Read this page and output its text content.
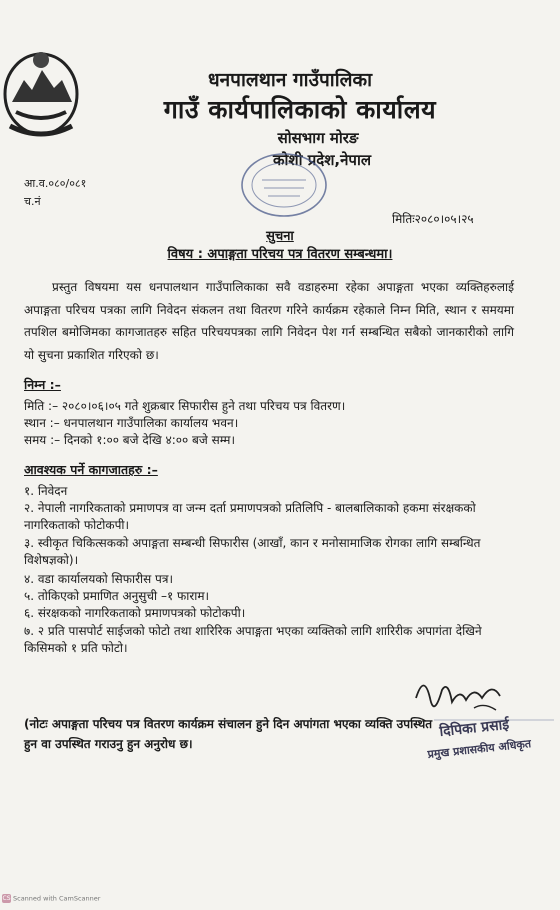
धनपालथान गाउँपालिका
गाउँ कार्यपालिकाको कार्यालय
सोसभाग मोरङ
कोशी प्रदेश,नेपाल
आ.व.०८०/०८१
च.नं
मितिः२०८०।०५।२५
सुचना
विषय : अपाङ्गता परिचय पत्र वितरण सम्बन्धमा।
प्रस्तुत विषयमा यस धनपालथान गाउँपालिकाका सवै वडाहरुमा रहेका अपाङ्गता भएका व्यक्तिहरुलाई अपाङ्गता परिचय पत्रका लागि निवेदन संकलन तथा वितरण गरिने कार्यक्रम रहेकाले निम्न मिति, स्थान र समयमा तपशिल बमोजिमका कागजातहरु सहित परिचयपत्रका लागि निवेदन पेश गर्न सम्बन्धित सबैको जानकारीको लागि यो सुचना प्रकाशित गरिएको छ।
निम्न :–
मिति :– २०८०।०६।०५ गते शुक्रबार सिफारीस हुने तथा परिचय पत्र वितरण।
स्थान :– धनपालथान गाउँपालिका कार्यालय भवन।
समय :– दिनको १:०० बजे देखि ४:०० बजे सम्म।
आवश्यक पर्ने कागजातहरु :–
१. निवेदन
२. नेपाली नागरिकताको प्रमाणपत्र वा जन्म दर्ता प्रमाणपत्रको प्रतिलिपि - बालबालिकाको हकमा संरक्षकको नागरिकताको फोटोकपी।
३. स्वीकृत चिकित्सकको अपाङ्गता सम्बन्धी सिफारीस (आखाँ, कान र मनोसामाजिक रोगका लागि सम्बन्धित विशेषज्ञको)।
४. वडा कार्यालयको सिफारीस पत्र।
५. तोकिएको प्रमाणित अनुसुची –१ फाराम।
६. संरक्षकको नागरिकताको प्रमाणपत्रको फोटोकपी।
७. २ प्रति पासपोर्ट साईजको फोटो तथा शारिरिक अपाङ्गता भएका व्यक्तिको लागि शारिरीक अपागंता देखिने किसिमको १ प्रति फोटो।
(नोटः अपाङ्गता परिचय पत्र वितरण कार्यक्रम संचालन हुने दिन अपांगता भएका व्यक्ति उपस्थित हुन वा उपस्थित गराउनु हुन अनुरोध छ।
दिपिका प्रसाई
प्रमुख प्रशासकीय अधिकृत
CS Scanned with CamScanner
